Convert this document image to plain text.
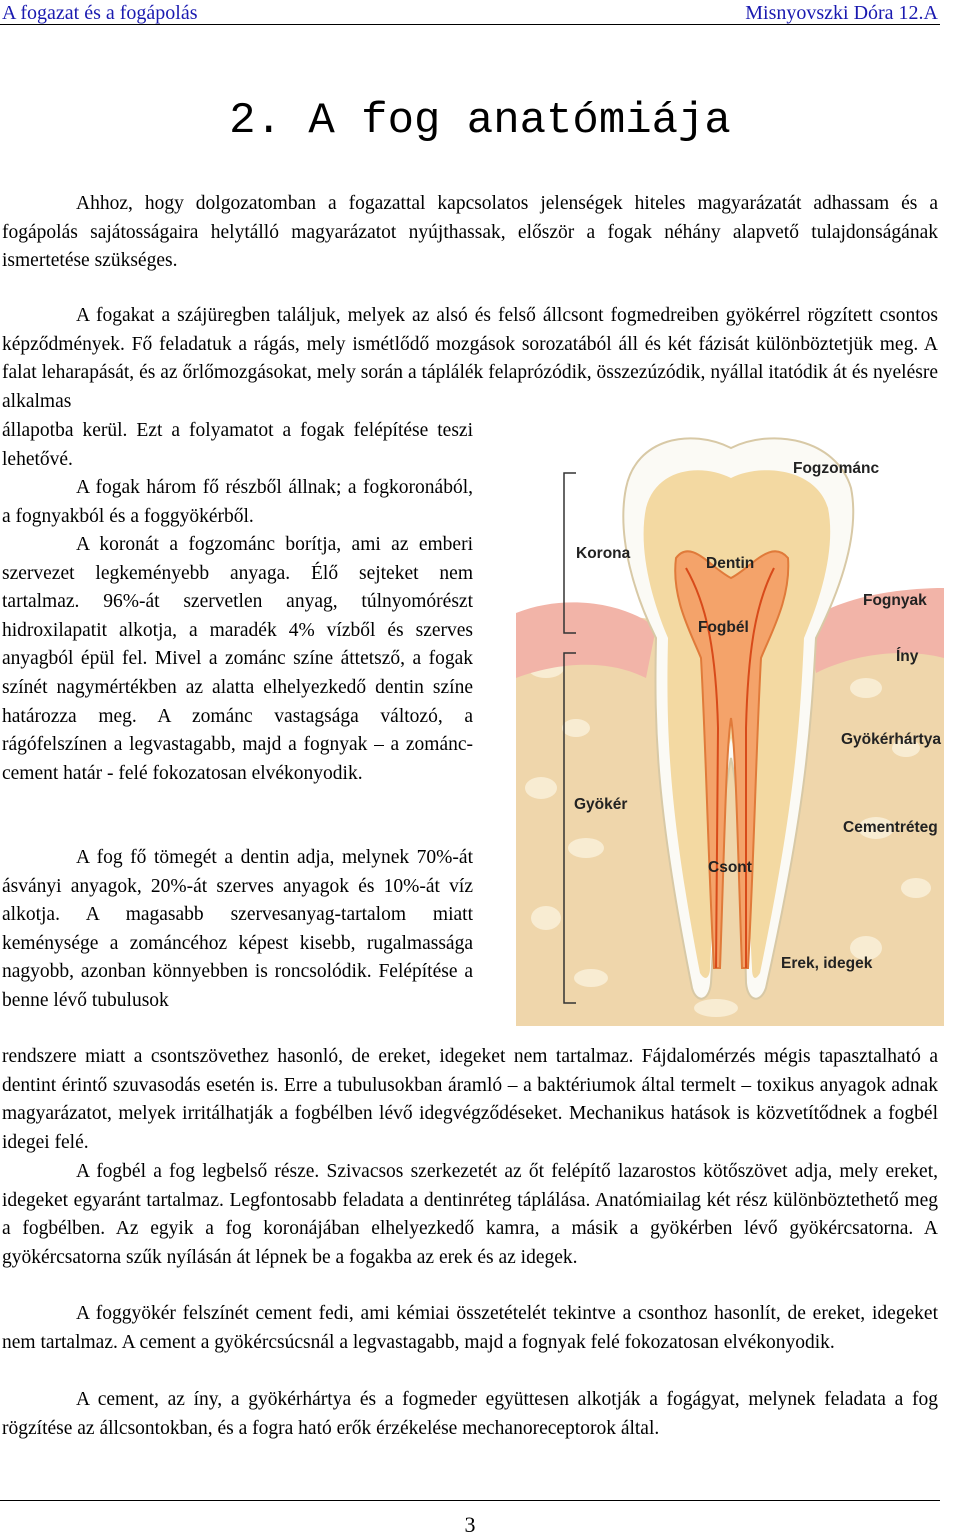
A fogazat és a fogápolás	Misnyovszki Dóra 12.A
2. A fog anatómiája

Ahhoz, hogy dolgozatomban a fogazattal kapcsolatos jelenségek hiteles magyarázatát adhassam és a fogápolás sajátosságaira helytálló magyarázatot nyújthassak, először a fogak néhány alapvető tulajdonságának ismertetése szükséges.

A fogakat a szájüregben találjuk, melyek az alsó és felső állcsont fogmedreiben gyökérrel rögzített csontos képződmények. Fő feladatuk a rágás, mely ismétlődő mozgások sorozatából áll és két fázisát különböztetjük meg. A falat leharapását, és az őrlőmozgásokat, mely során a táplálék felaprózódik, összezúzódik, nyállal itatódik át és nyelésre alkalmas

állapotba kerül. Ezt a folyamatot a fogak felépítése teszi lehetővé.

A fogak három fő részből állnak; a fogkoronából, a fognyakból és a foggyökérből.

A koronát a fogzománc borítja, ami az emberi szervezet legkeményebb anyaga. Élő sejteket nem tartalmaz. 96%-át szervetlen anyag, túlnyomórészt hidroxilapatit alkotja, a maradék 4% vízből és szerves anyagból épül fel. Mivel a zománc színe áttetsző, a fogak színét nagymértékben az alatta elhelyezkedő dentin színe határozza meg. A zománc vastagsága változó, a rágófelszínen a legvastagabb, majd a fognyak – a zománc-cement határ - felé fokozatosan elvékonyodik.

A fog fő tömegét a dentin adja, melynek 70%-át ásványi anyagok, 20%-át szerves anyagok és 10%-át víz alkotja. A magasabb szervesanyag-tartalom miatt keménysége a zománcéhoz képest kisebb, rugalmassága nagyobb, azonban könnyebben is roncsolódik. Felépítése a benne lévő tubulusok

rendszere miatt a csontszövethez hasonló, de ereket, idegeket nem tartalmaz. Fájdalomérzés mégis tapasztalható a dentint érintő szuvasodás esetén is. Erre a tubulusokban áramló – a baktériumok által termelt – toxikus anyagok adnak magyarázatot, melyek irritálhatják a fogbélben lévő idegvégződéseket. Mechanikus hatások is közvetítődnek a fogbél idegei felé.

A fogbél a fog legbelső része. Szivacsos szerkezetét az őt felépítő lazarostos kötőszövet adja, mely ereket, idegeket egyaránt tartalmaz. Legfontosabb feladata a dentinréteg táplálása. Anatómiailag két rész különböztethető meg a fogbélben. Az egyik a fog koronájában elhelyezkedő kamra, a másik a gyökérben lévő gyökércsatorna. A gyökércsatorna szűk nyílásán át lépnek be a fogakba az erek és az idegek.

A foggyökér felszínét cement fedi, ami kémiai összetételét tekintve a csonthoz hasonlít, de ereket, idegeket nem tartalmaz. A cement a gyökércsúcsnál a legvastagabb, majd a fognyak felé fokozatosan elvékonyodik.

A cement, az íny, a gyökérhártya és a fogmeder együttesen alkotják a fogágyat, melynek feladata a fog rögzítése az állcsontokban, és a fogra ható erők érzékelése mechanoreceptorok által.

Fogzománc
Korona
Dentin
Fognyak
Fogbél
Íny
Gyökérhártya
Gyökér
Cementréteg
Csont
Erek, idegek
3
